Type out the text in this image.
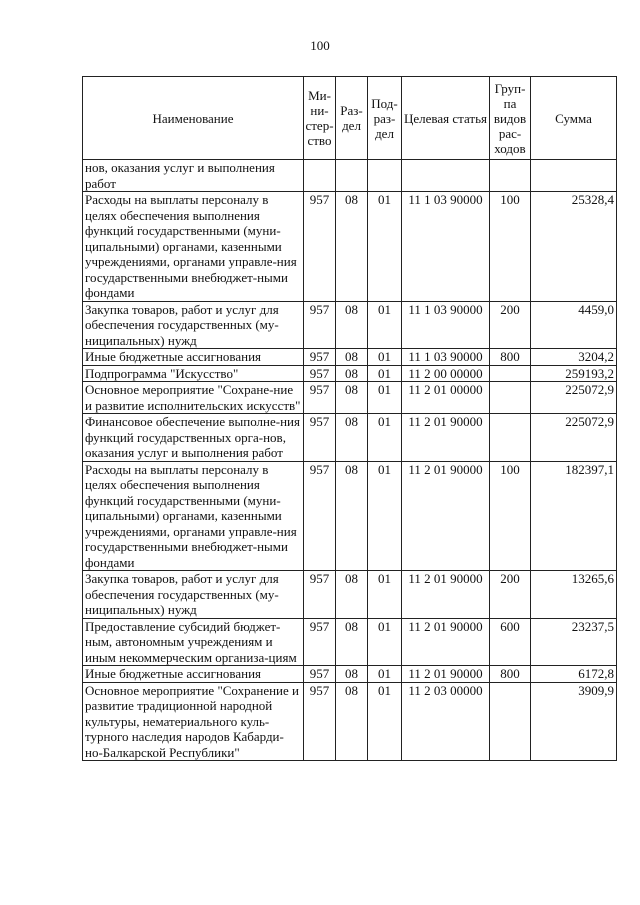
100
Наименование	Ми-ни-стер-ство	Раз-дел	Под-раз-дел	Целевая статья	Груп-па видов рас-ходов	Сумма
нов, оказания услуг и выполнения работ						
Расходы на выплаты персоналу в целях обеспечения выполнения функций государственными (муни-ципальными) органами, казенными учреждениями, органами управле-ния государственными внебюджет-ными фондами	957	08	01	11 1 03 90000	100	25328,4
Закупка товаров, работ и услуг для обеспечения государственных (му-ниципальных) нужд	957	08	01	11 1 03 90000	200	4459,0
Иные бюджетные ассигнования	957	08	01	11 1 03 90000	800	3204,2
Подпрограмма "Искусство"	957	08	01	11 2 00 00000		259193,2
Основное мероприятие "Сохране-ние и развитие исполнительских искусств"	957	08	01	11 2 01 00000		225072,9
Финансовое обеспечение выполне-ния функций государственных орга-нов, оказания услуг и выполнения работ	957	08	01	11 2 01 90000		225072,9
Расходы на выплаты персоналу в целях обеспечения выполнения функций государственными (муни-ципальными) органами, казенными учреждениями, органами управле-ния государственными внебюджет-ными фондами	957	08	01	11 2 01 90000	100	182397,1
Закупка товаров, работ и услуг для обеспечения государственных (му-ниципальных) нужд	957	08	01	11 2 01 90000	200	13265,6
Предоставление субсидий бюджет-ным, автономным учреждениям и иным некоммерческим организа-циям	957	08	01	11 2 01 90000	600	23237,5
Иные бюджетные ассигнования	957	08	01	11 2 01 90000	800	6172,8
Основное мероприятие "Сохранение и развитие традиционной народной культуры, нематериального куль-турного наследия народов Кабарди-но-Балкарской Республики"	957	08	01	11 2 03 00000		3909,9
